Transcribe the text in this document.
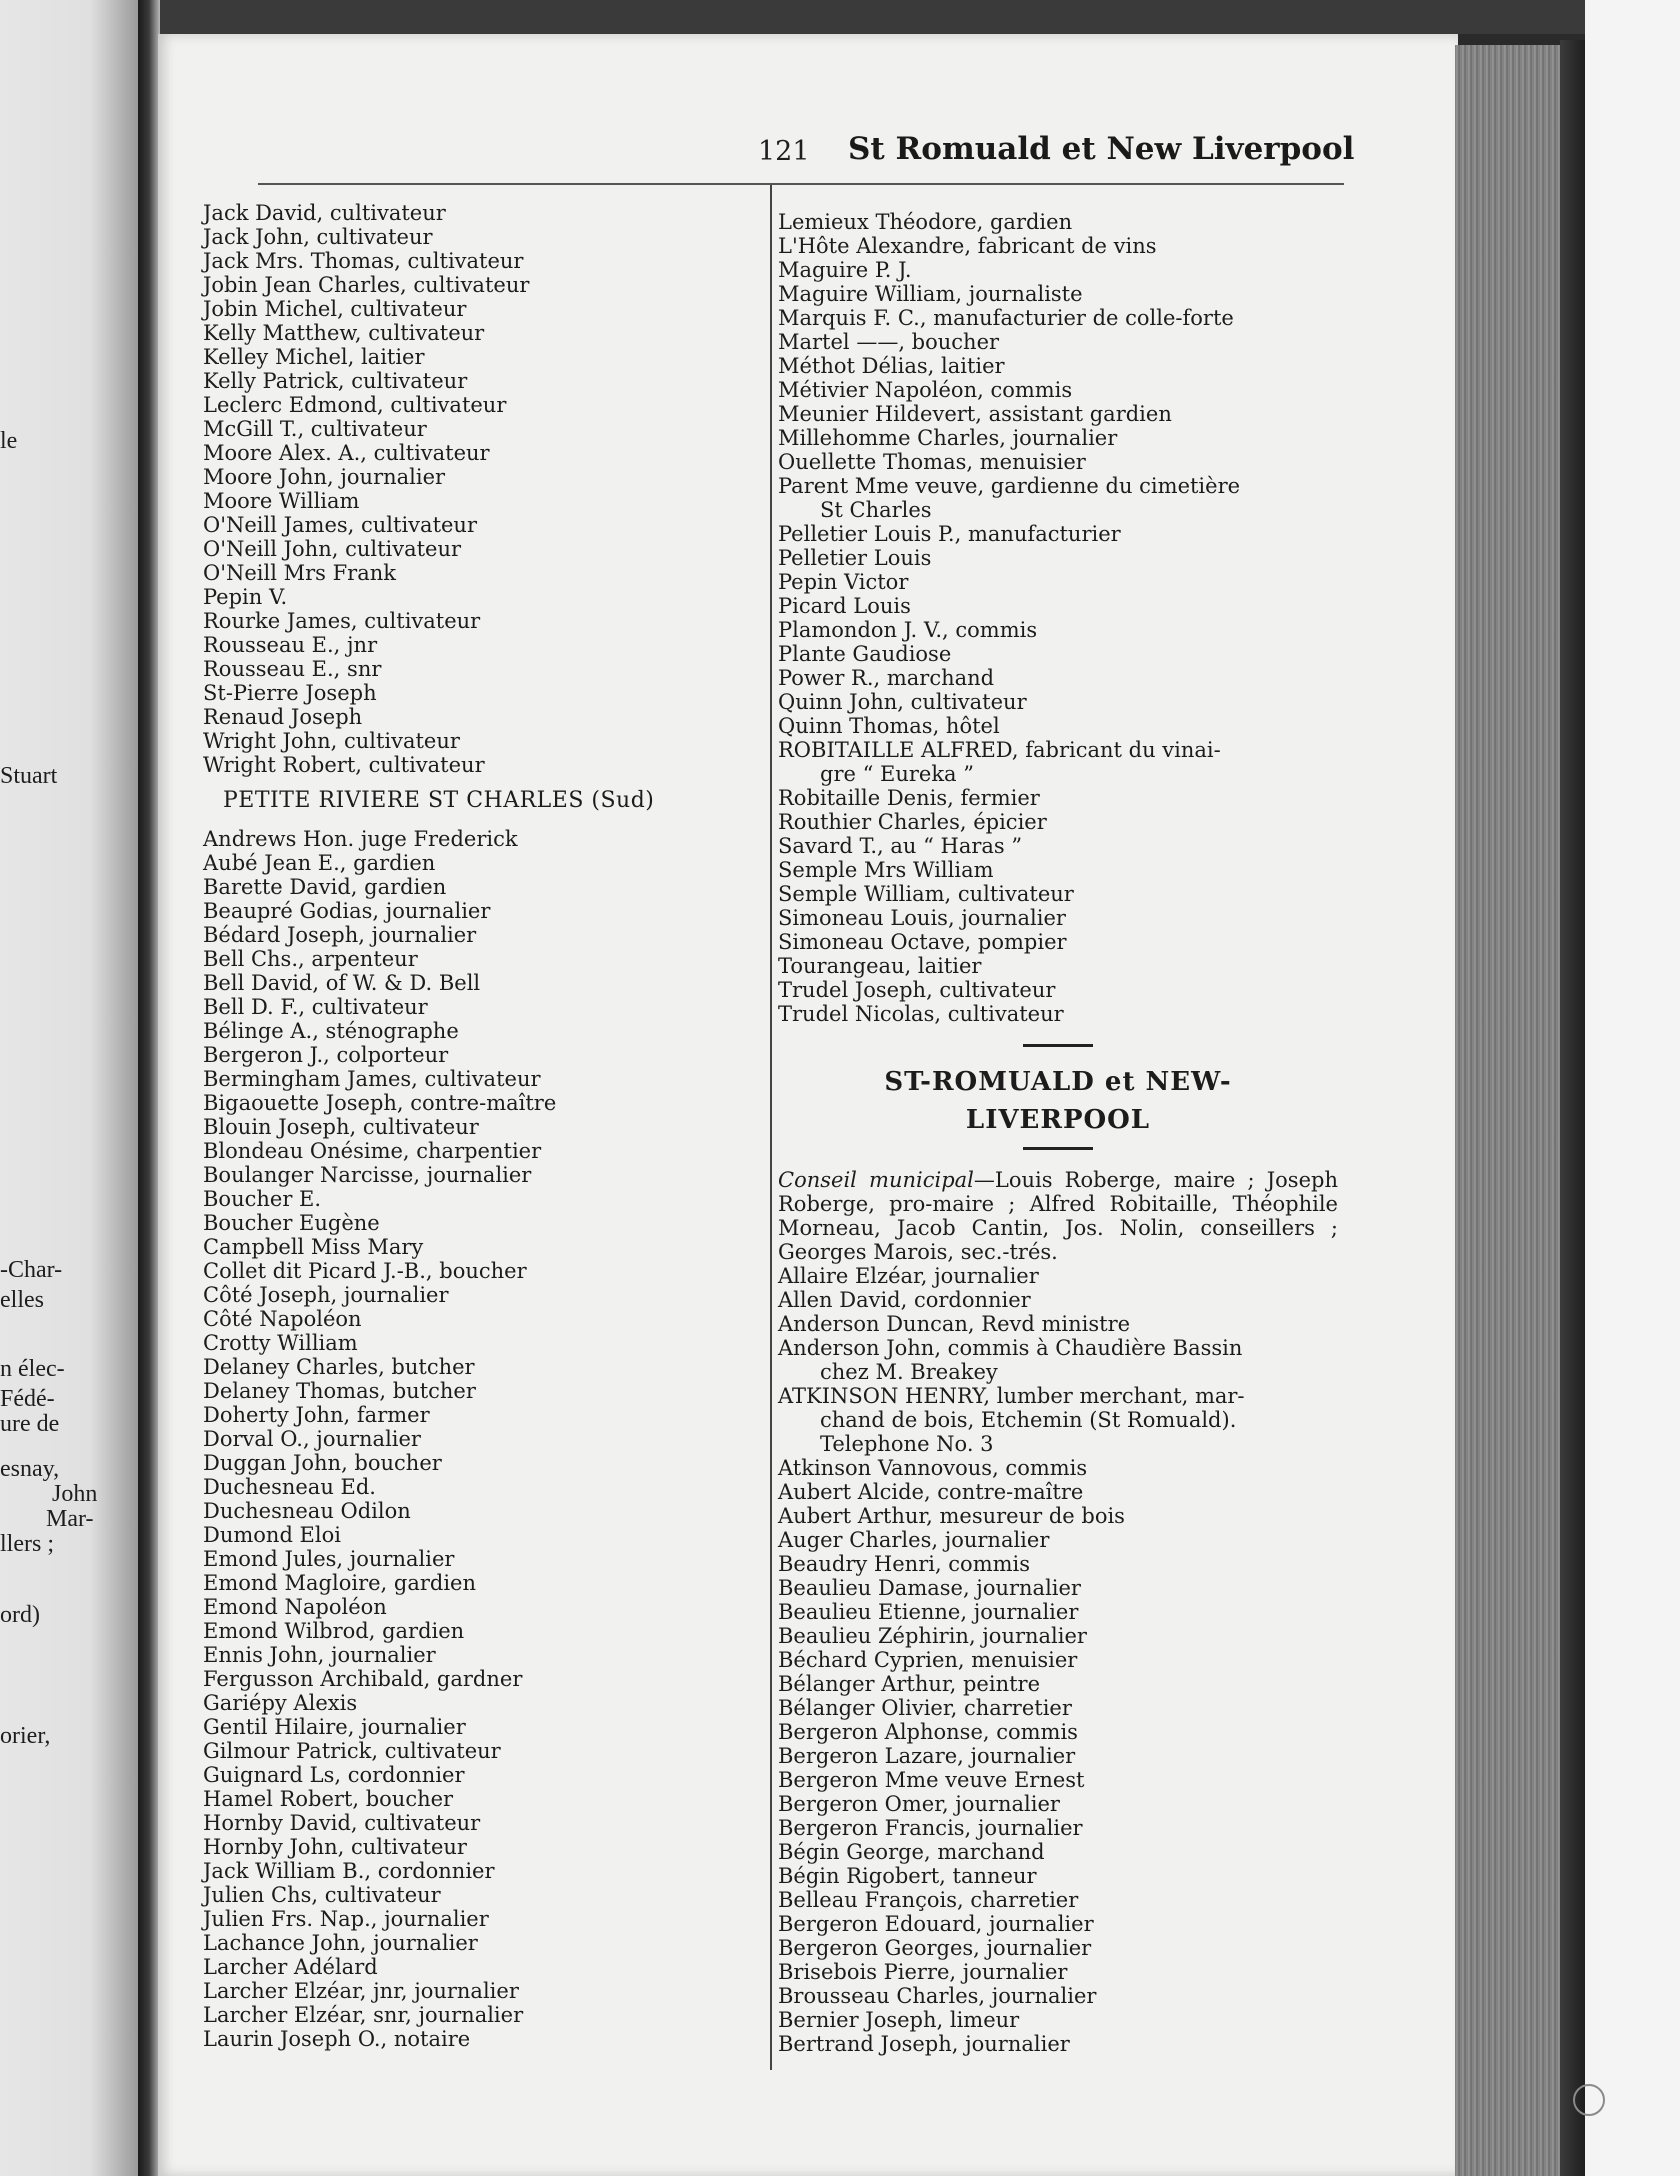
le
Stuart
-Char-
elles
n élec-
Fédé-
ure de
esnay,
John
Mar-
llers ;
ord)
orier,
121 St Romuald et New Liverpool
Jack David, cultivateur
Jack John, cultivateur
Jack Mrs. Thomas, cultivateur
Jobin Jean Charles, cultivateur
Jobin Michel, cultivateur
Kelly Matthew, cultivateur
Kelley Michel, laitier
Kelly Patrick, cultivateur
Leclerc Edmond, cultivateur
McGill T., cultivateur
Moore Alex. A., cultivateur
Moore John, journalier
Moore William
O'Neill James, cultivateur
O'Neill John, cultivateur
O'Neill Mrs Frank
Pepin V.
Rourke James, cultivateur
Rousseau E., jnr
Rousseau E., snr
St-Pierre Joseph
Renaud Joseph
Wright John, cultivateur
Wright Robert, cultivateur
PETITE RIVIERE ST CHARLES (Sud)
Andrews Hon. juge Frederick
Aubé Jean E., gardien
Barette David, gardien
Beaupré Godias, journalier
Bédard Joseph, journalier
Bell Chs., arpenteur
Bell David, of W. & D. Bell
Bell D. F., cultivateur
Bélinge A., sténographe
Bergeron J., colporteur
Bermingham James, cultivateur
Bigaouette Joseph, contre-maître
Blouin Joseph, cultivateur
Blondeau Onésime, charpentier
Boulanger Narcisse, journalier
Boucher E.
Boucher Eugène
Campbell Miss Mary
Collet dit Picard J.-B., boucher
Côté Joseph, journalier
Côté Napoléon
Crotty William
Delaney Charles, butcher
Delaney Thomas, butcher
Doherty John, farmer
Dorval O., journalier
Duggan John, boucher
Duchesneau Ed.
Duchesneau Odilon
Dumond Eloi
Emond Jules, journalier
Emond Magloire, gardien
Emond Napoléon
Emond Wilbrod, gardien
Ennis John, journalier
Fergusson Archibald, gardner
Gariépy Alexis
Gentil Hilaire, journalier
Gilmour Patrick, cultivateur
Guignard Ls, cordonnier
Hamel Robert, boucher
Hornby David, cultivateur
Hornby John, cultivateur
Jack William B., cordonnier
Julien Chs, cultivateur
Julien Frs. Nap., journalier
Lachance John, journalier
Larcher Adélard
Larcher Elzéar, jnr, journalier
Larcher Elzéar, snr, journalier
Laurin Joseph O., notaire
Lemieux Théodore, gardien
L'Hôte Alexandre, fabricant de vins
Maguire P. J.
Maguire William, journaliste
Marquis F. C., manufacturier de colle-forte
Martel ——, boucher
Méthot Délias, laitier
Métivier Napoléon, commis
Meunier Hildevert, assistant gardien
Millehomme Charles, journalier
Ouellette Thomas, menuisier
Parent Mme veuve, gardienne du cimetière
St Charles
Pelletier Louis P., manufacturier
Pelletier Louis
Pepin Victor
Picard Louis
Plamondon J. V., commis
Plante Gaudiose
Power R., marchand
Quinn John, cultivateur
Quinn Thomas, hôtel
ROBITAILLE ALFRED, fabricant du vinai-
gre “ Eureka ”
Robitaille Denis, fermier
Routhier Charles, épicier
Savard T., au “ Haras ”
Semple Mrs William
Semple William, cultivateur
Simoneau Louis, journalier
Simoneau Octave, pompier
Tourangeau, laitier
Trudel Joseph, cultivateur
Trudel Nicolas, cultivateur
ST-ROMUALD et NEW-
LIVERPOOL
Conseil municipal—Louis Roberge, maire ; Joseph Roberge, pro-maire ; Alfred Robitaille, Théophile Morneau, Jacob Cantin, Jos. Nolin, conseillers ; Georges Marois, sec.-trés.
Allaire Elzéar, journalier
Allen David, cordonnier
Anderson Duncan, Revd ministre
Anderson John, commis à Chaudière Bassin
chez M. Breakey
ATKINSON HENRY, lumber merchant, mar-
chand de bois, Etchemin (St Romuald).
Telephone No. 3
Atkinson Vannovous, commis
Aubert Alcide, contre-maître
Aubert Arthur, mesureur de bois
Auger Charles, journalier
Beaudry Henri, commis
Beaulieu Damase, journalier
Beaulieu Etienne, journalier
Beaulieu Zéphirin, journalier
Béchard Cyprien, menuisier
Bélanger Arthur, peintre
Bélanger Olivier, charretier
Bergeron Alphonse, commis
Bergeron Lazare, journalier
Bergeron Mme veuve Ernest
Bergeron Omer, journalier
Bergeron Francis, journalier
Bégin George, marchand
Bégin Rigobert, tanneur
Belleau François, charretier
Bergeron Edouard, journalier
Bergeron Georges, journalier
Brisebois Pierre, journalier
Brousseau Charles, journalier
Bernier Joseph, limeur
Bertrand Joseph, journalier
